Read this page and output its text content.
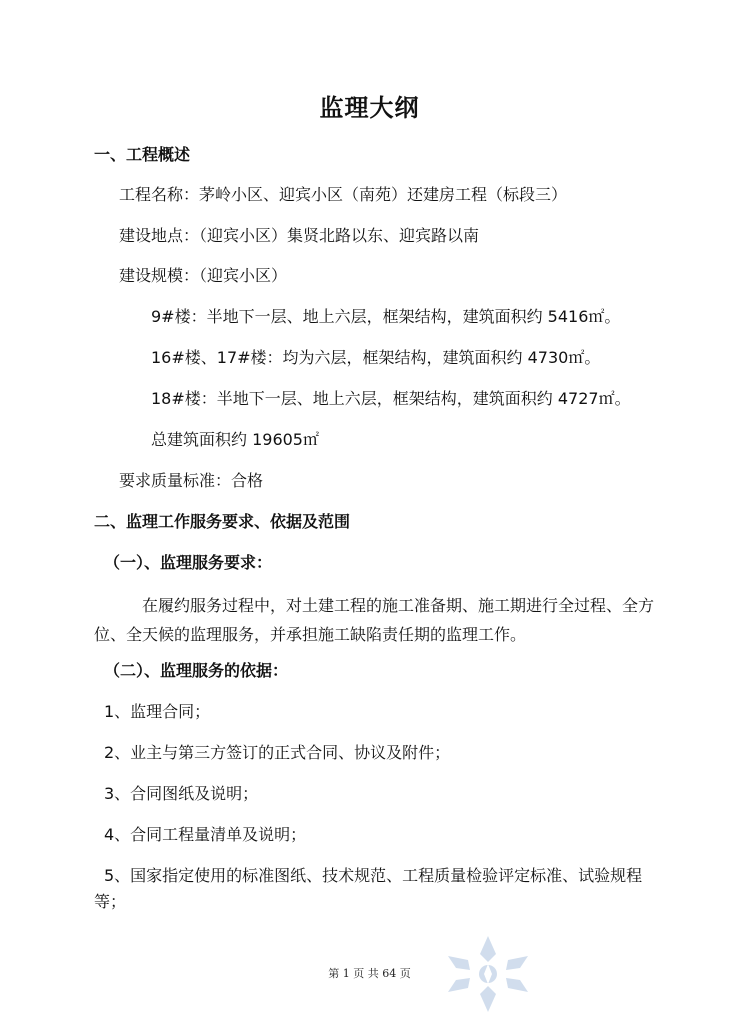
监理大纲
一、工程概述
工程名称：茅岭小区、迎宾小区（南苑）还建房工程（标段三）
建设地点：（迎宾小区）集贤北路以东、迎宾路以南
建设规模：（迎宾小区）
9#楼：半地下一层、地上六层，框架结构，建筑面积约 5416㎡。
16#楼、17#楼：均为六层，框架结构，建筑面积约 4730㎡。
18#楼：半地下一层、地上六层，框架结构，建筑面积约 4727㎡。
总建筑面积约 19605㎡
要求质量标准：合格
二、监理工作服务要求、依据及范围
（一）、监理服务要求：
在履约服务过程中，对土建工程的施工准备期、施工期进行全过程、全方位、全天候的监理服务，并承担施工缺陷责任期的监理工作。
（二）、监理服务的依据：
1、监理合同；
2、业主与第三方签订的正式合同、协议及附件；
3、合同图纸及说明；
4、合同工程量清单及说明；
5、国家指定使用的标准图纸、技术规范、工程质量检验评定标准、试验规程
等；
第 1 页 共 64 页
